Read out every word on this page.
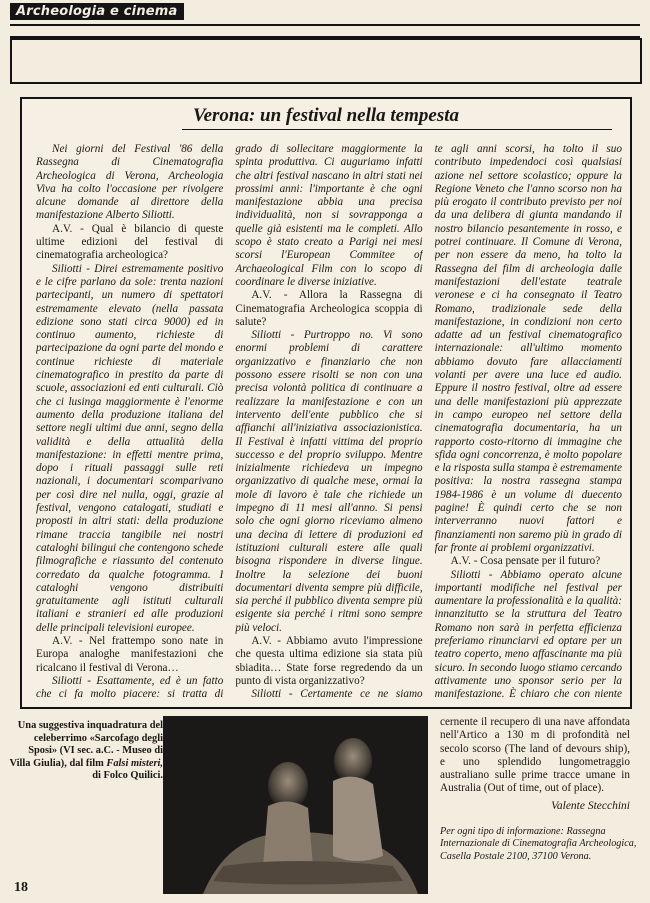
Archeologia e cinema
Verona: un festival nella tempesta

Nei giorni del Festival '86 della Rassegna di Cinematografia Archeologica di Verona, Archeologia Viva ha colto l'occasione per rivolgere alcune domande al direttore della manifestazione Alberto Siliotti.

A.V. - Qual è bilancio di queste ultime edizioni del festival di cinematografia archeologica?

Siliotti - Direi estremamente positivo e le cifre parlano da sole: trenta nazioni partecipanti, un numero di spettatori estremamente elevato (nella passata edizione sono stati circa 9000) ed in continuo aumento, richieste di partecipazione da ogni parte del mondo e continue richieste di materiale cinematografico in prestito da parte di scuole, associazioni ed enti culturali. Ciò che ci lusinga maggiormente è l'enorme aumento della produzione italiana del settore negli ultimi due anni, segno della validità e della attualità della manifestazione: in effetti mentre prima, dopo i rituali passaggi sulle reti nazionali, i documentari scomparivano per così dire nel nulla, oggi, grazie al festival, vengono catalogati, studiati e proposti in altri stati: della produzione rimane traccia tangibile nei nostri cataloghi bilingui che contengono schede filmografiche e riassunto del contenuto corredato da qualche fotogramma. I cataloghi vengono distribuiti gratuitamente agli istituti culturali italiani e stranieri ed alle produzioni delle principali televisioni europee.

A.V. - Nel frattempo sono nate in Europa analoghe manifestazioni che ricalcano il festival di Verona…

Siliotti - Esattamente, ed è un fatto che ci fa molto piacere: si tratta di

grado di sollecitare maggiormente la spinta produttiva. Ci auguriamo infatti che altri festival nascano in altri stati nei prossimi anni: l'importante è che ogni manifestazione abbia una precisa individualità, non si sovrapponga a quelle già esistenti ma le completi. Allo scopo è stato creato a Parigi nei mesi scorsi l'European Commitee of Archaeological Film con lo scopo di coordinare le diverse iniziative.

A.V. - Allora la Rassegna di Cinematografia Archeologica scoppia di salute?

Siliotti - Purtroppo no. Vi sono enormi problemi di carattere organizzativo e finanziario che non possono essere risolti se non con una precisa volontà politica di continuare a realizzare la manifestazione e con un intervento dell'ente pubblico che si affianchi all'iniziativa associazionistica. Il Festival è infatti vittima del proprio successo e del proprio sviluppo. Mentre inizialmente richiedeva un impegno organizzativo di qualche mese, ormai la mole di lavoro è tale che richiede un impegno di 11 mesi all'anno. Si pensi solo che ogni giorno riceviamo almeno una decina di lettere di produzioni ed istituzioni culturali estere alle quali bisogna rispondere in diverse lingue. Inoltre la selezione dei buoni documentari diventa sempre più difficile, sia perché il pubblico diventa sempre più esigente sia perché i ritmi sono sempre più veloci.

A.V. - Abbiamo avuto l'impressione che questa ultima edizione sia stata più sbiadita… State forse regredendo da un punto di vista organizzativo?

Siliotti - Certamente ce ne siamo

te agli anni scorsi, ha tolto il suo contributo impedendoci così qualsiasi azione nel settore scolastico; oppure la Regione Veneto che l'anno scorso non ha più erogato il contributo previsto per noi da una delibera di giunta mandando il nostro bilancio pesantemente in rosso, e potrei continuare. Il Comune di Verona, per non essere da meno, ha tolto la Rassegna del film di archeologia dalle manifestazioni dell'estate teatrale veronese e ci ha consegnato il Teatro Romano, tradizionale sede della manifestazione, in condizioni non certo adatte ad un festival cinematografico internazionale: all'ultimo momento abbiamo dovuto fare allacciamenti volanti per avere una luce ed audio. Eppure il nostro festival, oltre ad essere una delle manifestazioni più apprezzate in campo europeo nel settore della cinematografia documentaria, ha un rapporto costo-ritorno di immagine che sfida ogni concorrenza, è molto popolare e la risposta sulla stampa è estremamente positiva: la nostra rassegna stampa 1984-1986 è un volume di duecento pagine! È quindi certo che se non interverranno nuovi fattori e finanziamenti non saremo più in grado di far fronte ai problemi organizzativi.

A.V. - Cosa pensate per il futuro?

Siliotti - Abbiamo operato alcune importanti modifiche nel festival per aumentare la professionalità e la qualità: innanzitutto se la struttura del Teatro Romano non sarà in perfetta efficienza preferiamo rinunciarvi ed optare per un teatro coperto, meno affascinante ma più sicuro. In secondo luogo stiamo cercando attivamente uno sponsor serio per la manifestazione. È chiaro che con niente

Una suggestiva inquadratura del celeberrimo «Sarcofago degli Sposi» (VI sec. a.C. - Museo di Villa Giulia), dal film Falsi misteri,
di Folco Quilici.
cernente il recupero di una nave affondata nell'Artico a 130 m di profondità nel secolo scorso (The land of devours ship), e uno splendido lungometraggio australiano sulle prime tracce umane in Australia (Out of time, out of place).
Valente Stecchini
Per ogni tipo di informazione: Rassegna Internazionale di Cinematografia Archeologica, Casella Postale 2100, 37100 Verona.
18
